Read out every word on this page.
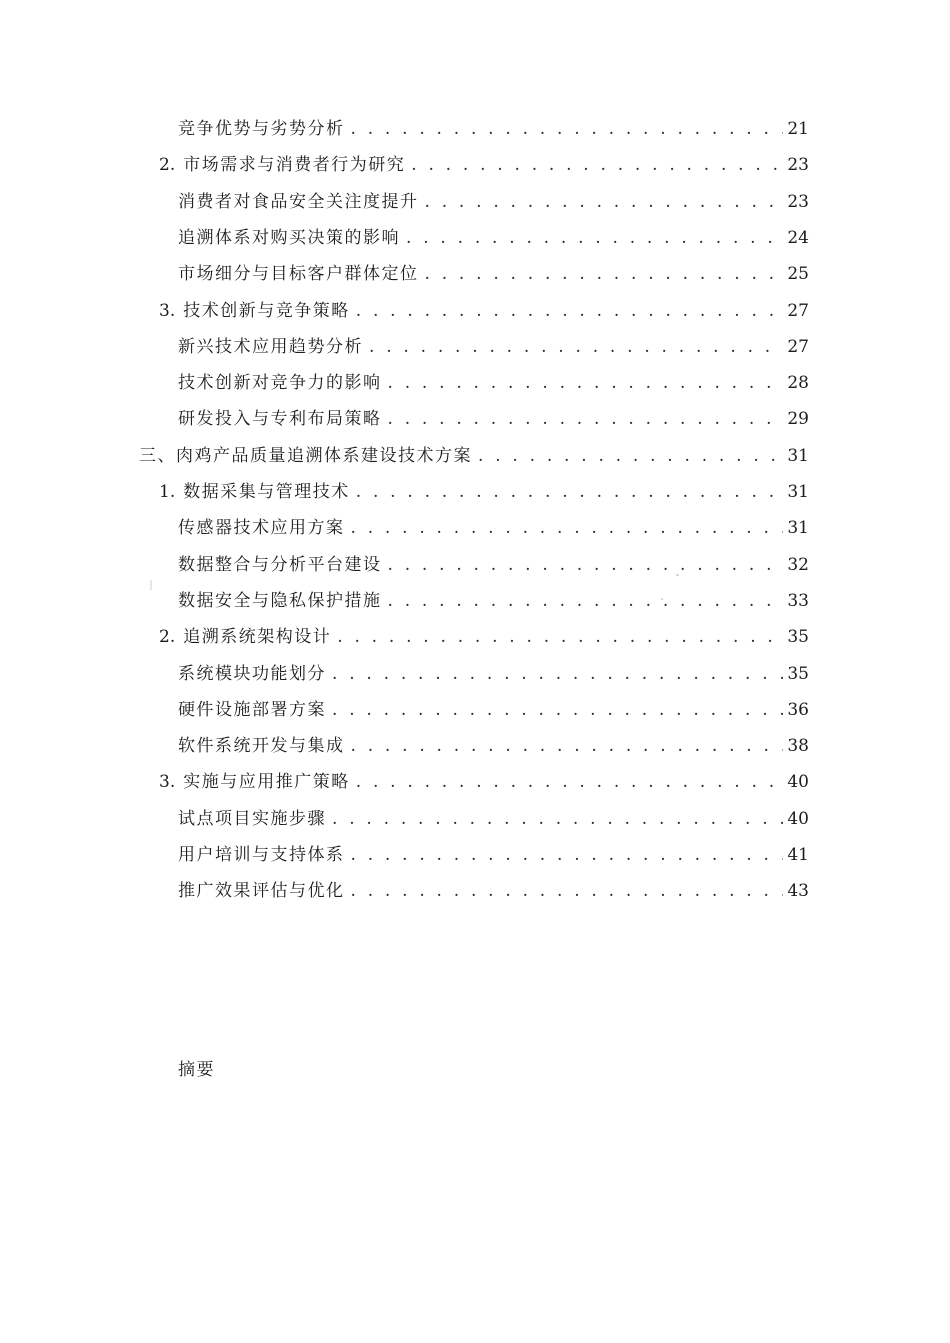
竞争优势与劣势分析 . . .	21
2. 市场需求与消费者行为研究 . . .	23
消费者对食品安全关注度提升 . . .	23
追溯体系对购买决策的影响 . . .	24
市场细分与目标客户群体定位 . . .	25
3. 技术创新与竞争策略 . . .	27
新兴技术应用趋势分析 . . .	27
技术创新对竞争力的影响 . . .	28
研发投入与专利布局策略 . . .	29
三、肉鸡产品质量追溯体系建设技术方案 . . .	31
1. 数据采集与管理技术 . . .	31
传感器技术应用方案 . . .	31
数据整合与分析平台建设 . . .	32
数据安全与隐私保护措施 . . .	33
2. 追溯系统架构设计 . . .	35
系统模块功能划分 . . .	35
硬件设施部署方案 . . .	36
软件系统开发与集成 . . .	38
3. 实施与应用推广策略 . . .	40
试点项目实施步骤 . . .	40
用户培训与支持体系 . . .	41
推广效果评估与优化 . . .	43
摘要
